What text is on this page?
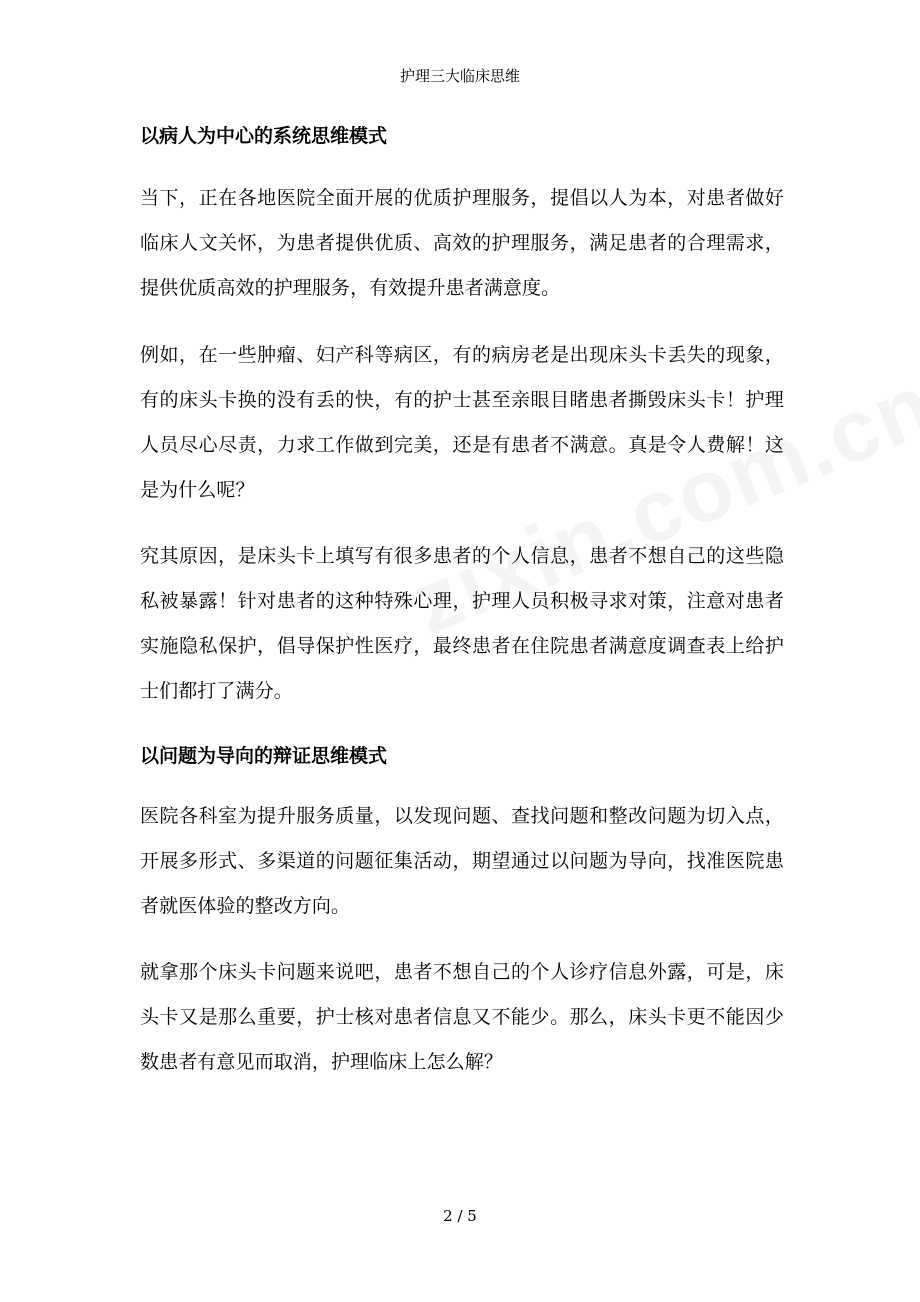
护理三大临床思维
以病人为中心的系统思维模式

当下，正在各地医院全面开展的优质护理服务，提倡以人为本，对患者做好临床人文关怀，为患者提供优质、高效的护理服务，满足患者的合理需求，提供优质高效的护理服务，有效提升患者满意度。

例如，在一些肿瘤、妇产科等病区，有的病房老是出现床头卡丢失的现象，有的床头卡换的没有丢的快，有的护士甚至亲眼目睹患者撕毁床头卡！护理人员尽心尽责，力求工作做到完美，还是有患者不满意。真是令人费解！这是为什么呢？

究其原因，是床头卡上填写有很多患者的个人信息，患者不想自己的这些隐私被暴露！针对患者的这种特殊心理，护理人员积极寻求对策，注意对患者实施隐私保护，倡导保护性医疗，最终患者在住院患者满意度调查表上给护士们都打了满分。

以问题为导向的辩证思维模式

医院各科室为提升服务质量，以发现问题、查找问题和整改问题为切入点，开展多形式、多渠道的问题征集活动，期望通过以问题为导向，找准医院患者就医体验的整改方向。

就拿那个床头卡问题来说吧，患者不想自己的个人诊疗信息外露，可是，床头卡又是那么重要，护士核对患者信息又不能少。那么，床头卡更不能因少数患者有意见而取消，护理临床上怎么解？

2 / 5
